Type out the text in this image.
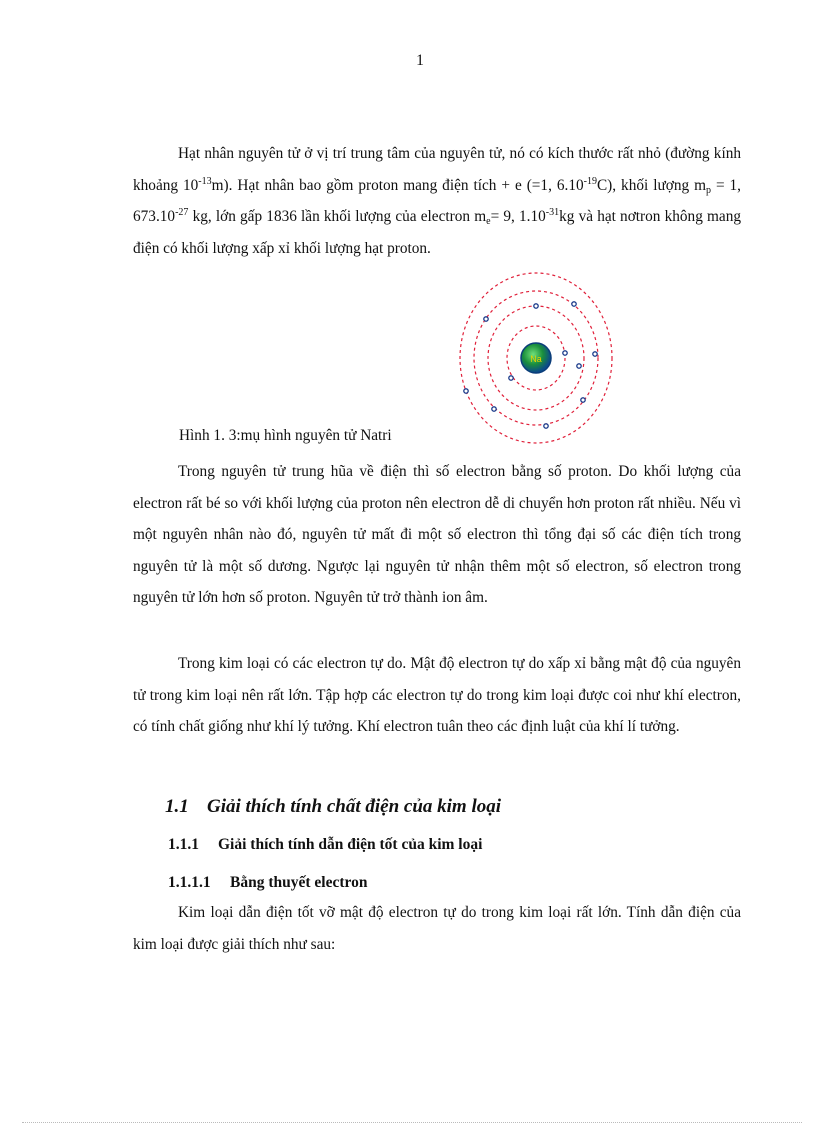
1

Hạt nhân nguyên tử ở vị trí trung tâm của nguyên tử, nó có kích thước rất nhỏ (đường kính khoảng $10^{-13}m$). Hạt nhân bao gồm proton mang điện tích + e (=1, $6.10^{-19}C$), khối lượng $m_p = 1$, $673.10^{-27}$ kg, lớn gấp 1836 lần khối lượng của electron $m_e= 9$, $1.10^{-31}kg$ và hạt nơtron không mang điện có khối lượng xấp xỉ khối lượng hạt proton.

Na
Hình 1. 3:mụ hình nguyên tử Natri

Trong nguyên tử trung hũa về điện thì số electron bằng số proton. Do khối lượng của electron rất bé so với khối lượng của proton nên electron dễ di chuyển hơn proton rất nhiều. Nếu vì một nguyên nhân nào đó, nguyên tử mất đi một số electron thì tổng đại số các điện tích trong nguyên tử là một số dương. Ngược lại nguyên tử nhận thêm một số electron, số electron trong nguyên tử lớn hơn số proton. Nguyên tử trở thành ion âm.

Trong kim loại có các electron tự do. Mật độ electron tự do xấp xỉ bằng mật độ của nguyên tử trong kim loại nên rất lớn. Tập hợp các electron tự do trong kim loại được coi như khí electron, có tính chất giống như khí lý tưởng. Khí electron tuân theo các định luật của khí lí tưởng.

1.1 Giải thích tính chất điện của kim loại
1.1.1 Giải thích tính dẫn điện tốt của kim loại
1.1.1.1 Bằng thuyết electron

Kim loại dẫn điện tốt vỡ mật độ electron tự do trong kim loại rất lớn. Tính dẫn điện của kim loại được giải thích như sau:
